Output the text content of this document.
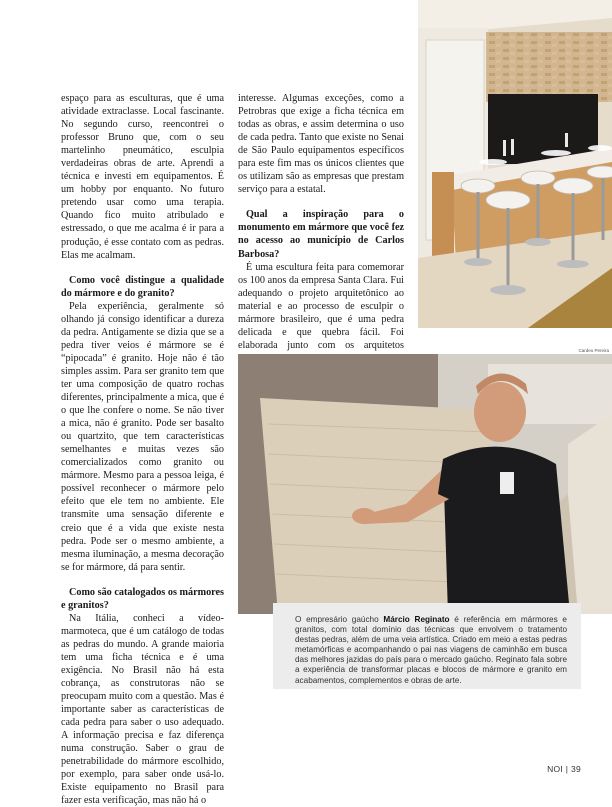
espaço para as esculturas, que é uma atividade extraclasse. Local fascinante. No segundo curso, reencontrei o professor Bruno que, com o seu martelinho pneumático, esculpia verdadeiras obras de arte. Aprendi a técnica e investi em equipamentos. É um hobby por enquanto. No futuro pretendo usar como uma terapia. Quando fico muito atribulado e estressado, o que me acalma é ir para a produção, é esse contato com as pedras. Elas me acalmam.

Como você distingue a qualidade do mármore e do granito?

Pela experiência, geralmente só olhando já consigo identificar a dureza da pedra. Antigamente se dizia que se a pedra tiver veios é mármore se é “pipocada” é granito. Hoje não é tão simples assim. Para ser granito tem que ter uma composição de quatro rochas diferentes, principalmente a mica, que é o que lhe confere o nome. Se não tiver a mica, não é granito. Pode ser basalto ou quartzito, que tem características semelhantes e muitas vezes são comercializados como granito ou mármore. Mesmo para a pessoa leiga, é possível reconhecer o mármore pelo efeito que ele tem no ambiente. Ele transmite uma sensação diferente e creio que é a vida que existe nesta pedra. Pode ser o mesmo ambiente, a mesma iluminação, a mesma decoração se for mármore, dá para sentir.

Como são catalogados os mármores e granitos?

Na Itália, conheci a vídeo-marmoteca, que é um catálogo de todas as pedras do mundo. A grande maioria tem uma ficha técnica e é uma exigência. No Brasil não há esta cobrança, as construtoras não se preocupam muito com a questão. Mas é importante saber as características de cada pedra para saber o uso adequado. A informação precisa e faz diferença numa construção. Saber o grau de penetrabilidade do mármore escolhido, por exemplo, para saber onde usá-lo. Existe equipamento no Brasil para fazer esta verificação, mas não há o

interesse. Algumas exceções, como a Petrobras que exige a ficha técnica em todas as obras, e assim determina o uso de cada pedra. Tanto que existe no Senai de São Paulo equipamentos específicos para este fim mas os únicos clientes que os utilizam são as empresas que prestam serviço para a estatal.

Qual a inspiração para o monumento em mármore que você fez no acesso ao município de Carlos Barbosa?

É uma escultura feita para comemorar os 100 anos da empresa Santa Clara. Fui adequando o projeto arquitetônico ao material e ao processo de esculpir o mármore brasileiro, que é uma pedra delicada e que quebra fácil. Foi elaborada junto com os arquitetos	Cardeu Pereira
O empresário gaúcho Márcio Reginato é referência em mármores e granitos, com total domínio das técnicas que envolvem o tratamento destas pedras, além de uma veia artística. Criado em meio a estas pedras metamórficas e acompanhando o pai nas viagens de caminhão em busca das melhores jazidas do país para o mercado gaúcho. Reginato fala sobre a experiência de transformar placas e blocos de mármore e granito em acabamentos, complementos e obras de arte.
NOI | 39
